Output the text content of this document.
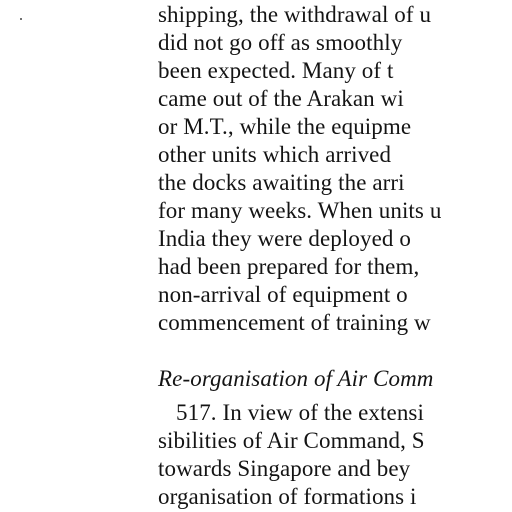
shipping, the withdrawal of u

did not go off as smoothly

been expected. Many of t

came out of the Arakan wi

or M.T., while the equipme

other units which arrived

the docks awaiting the arri

for many weeks. When units u

India they were deployed o

had been prepared for them,

non-arrival of equipment o

commencement of training w

Re-organisation of Air Comm

517. In view of the extensi

sibilities of Air Command, S

towards Singapore and bey

organisation of formations i
